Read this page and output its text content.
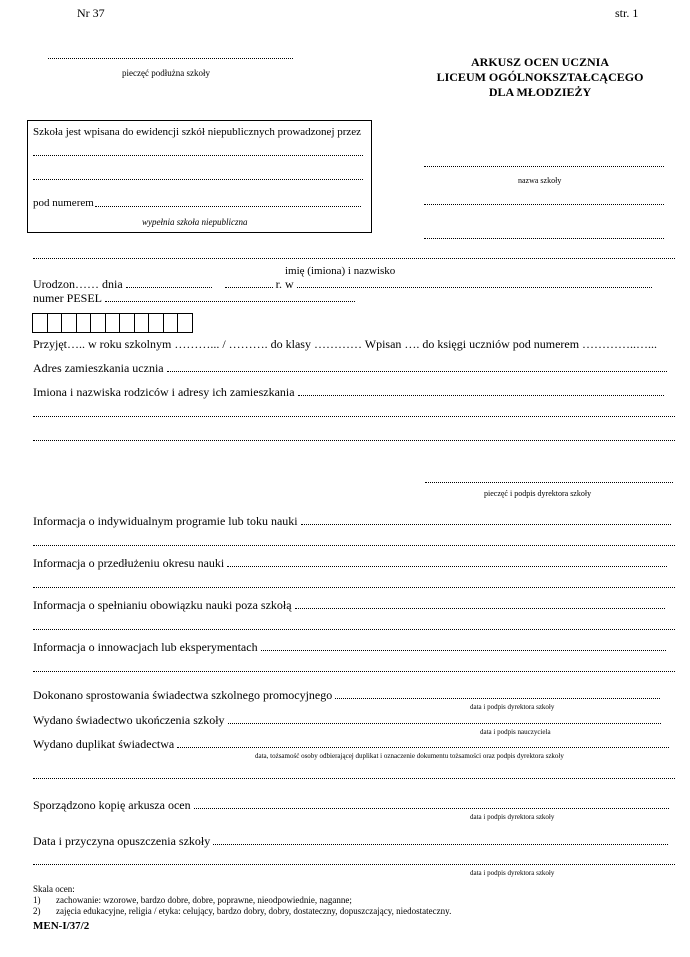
Nr 37	str. 1
pieczęć podłużna szkoły
ARKUSZ OCEN UCZNIA
LICEUM OGÓLNOKSZTAŁCĄCEGO
DLA MŁODZIEŻY
Szkoła jest wpisana do ewidencji szkół niepublicznych prowadzonej przez
pod numerem
wypełnia szkoła niepubliczna
nazwa szkoły
imię (imiona) i nazwisko
Urodzon…… dnia	r. w
numer PESEL
Przyjęt….. w roku szkolnym ………... / ………. do klasy ………… Wpisan …. do księgi uczniów pod numerem …………..…...
Adres zamieszkania ucznia
Imiona i nazwiska rodziców i adresy ich zamieszkania
pieczęć i podpis dyrektora szkoły
Informacja o indywidualnym programie lub toku nauki
Informacja o przedłużeniu okresu nauki
Informacja o spełnianiu obowiązku nauki poza szkołą
Informacja o innowacjach lub eksperymentach
Dokonano sprostowania świadectwa szkolnego promocyjnego
data i podpis dyrektora szkoły
Wydano świadectwo ukończenia szkoły
data i podpis nauczyciela
Wydano duplikat świadectwa
data, tożsamość osoby odbierającej duplikat i oznaczenie dokumentu tożsamości oraz podpis dyrektora szkoły
Sporządzono kopię arkusza ocen
data i podpis dyrektora szkoły
Data i przyczyna opuszczenia szkoły
data i podpis dyrektora szkoły
Skala ocen:
1) zachowanie: wzorowe, bardzo dobre, dobre, poprawne, nieodpowiednie, naganne;
2) zajęcia edukacyjne, religia / etyka: celujący, bardzo dobry, dobry, dostateczny, dopuszczający, niedostateczny.
MEN-I/37/2
